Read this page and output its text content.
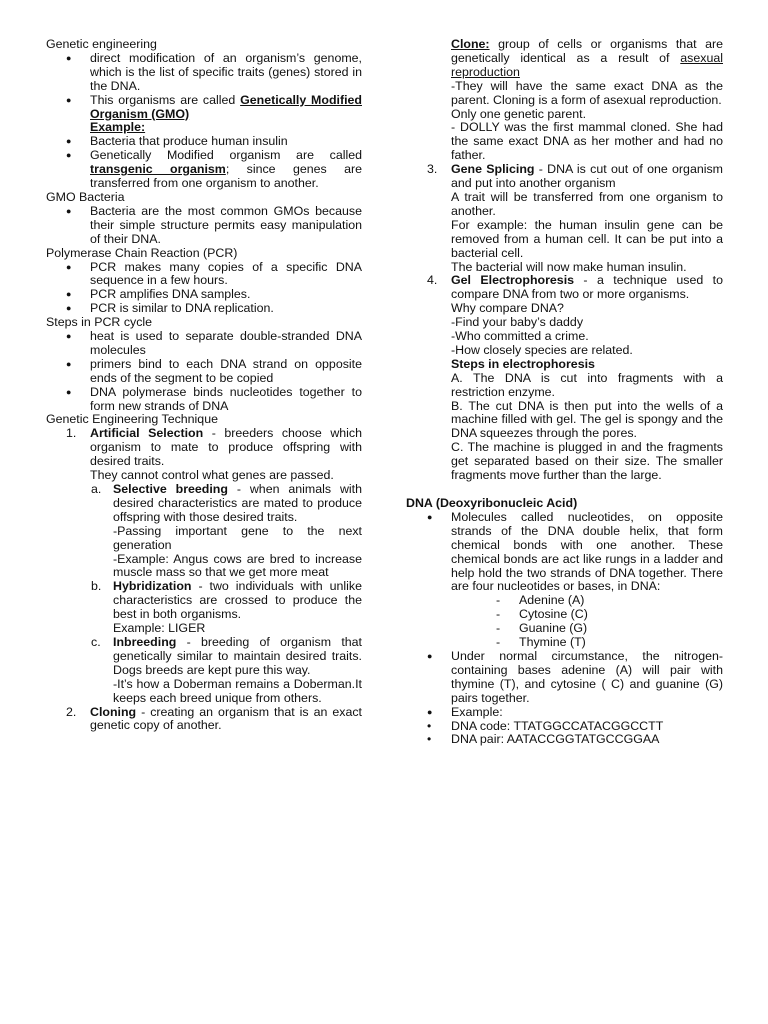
Genetic engineering

● direct modification of an organism’s genome, which is the list of specific traits (genes) stored in the DNA.
● This organisms are called Genetically Modified Organism (GMO)
Example:
● Bacteria that produce human insulin
● Genetically Modified organism are called transgenic organism; since genes are transferred from one organism to another.

GMO Bacteria

● Bacteria are the most common GMOs because their simple structure permits easy manipulation of their DNA.

Polymerase Chain Reaction (PCR)

● PCR makes many copies of a specific DNA sequence in a few hours.
● PCR amplifies DNA samples.
● PCR is similar to DNA replication.

Steps in PCR cycle

● heat is used to separate double-stranded DNA molecules
● primers bind to each DNA strand on opposite ends of the segment to be copied
● DNA polymerase binds nucleotides together to form new strands of DNA

Genetic Engineering Technique

1. Artificial Selection - breeders choose which organism to mate to produce offspring with desired traits.

They cannot control what genes are passed.

a. Selective breeding - when animals with desired characteristics are mated to produce offspring with those desired traits.

-Passing important gene to the next generation

-Example: Angus cows are bred to increase muscle mass so that we get more meat

b. Hybridization - two individuals with unlike characteristics are crossed to produce the best in both organisms.

Example: LIGER

c. Inbreeding - breeding of organism that genetically similar to maintain desired traits. Dogs breeds are kept pure this way.

-It’s how a Doberman remains a Doberman.It keeps each breed unique from others.

2. Cloning - creating an organism that is an exact genetic copy of another.

Clone: group of cells or organisms that are genetically identical as a result of asexual reproduction

-They will have the same exact DNA as the parent. Cloning is a form of asexual reproduction.

Only one genetic parent.

- DOLLY was the first mammal cloned. She had the same exact DNA as her mother and had no father.

3. Gene Splicing - DNA is cut out of one organism and put into another organism

A trait will be transferred from one organism to another.

For example: the human insulin gene can be removed from a human cell. It can be put into a bacterial cell.

The bacterial will now make human insulin.

4. Gel Electrophoresis - a technique used to compare DNA from two or more organisms.

Why compare DNA?

-Find your baby’s daddy

-Who committed a crime.

-How closely species are related.

Steps in electrophoresis

A. The DNA is cut into fragments with a restriction enzyme.

B. The cut DNA is then put into the wells of a machine filled with gel. The gel is spongy and the DNA squeezes through the pores.

C. The machine is plugged in and the fragments get separated based on their size. The smaller fragments move further than the large.

DNA (Deoxyribonucleic Acid)

● Molecules called nucleotides, on opposite strands of the DNA double helix, that form chemical bonds with one another. These chemical bonds are act like rungs in a ladder and help hold the two strands of DNA together. There are four nucleotides or bases, in DNA:
- Adenine (A)
- Cytosine (C)
- Guanine (G)
- Thymine (T)
● Under normal circumstance, the nitrogen-containing bases adenine (A) will pair with thymine (T), and cytosine ( C) and guanine (G) pairs together.
● Example:
• DNA code: TTATGGCCATACGGCCTT
• DNA pair: AATACCGGTATGCCGGAA
